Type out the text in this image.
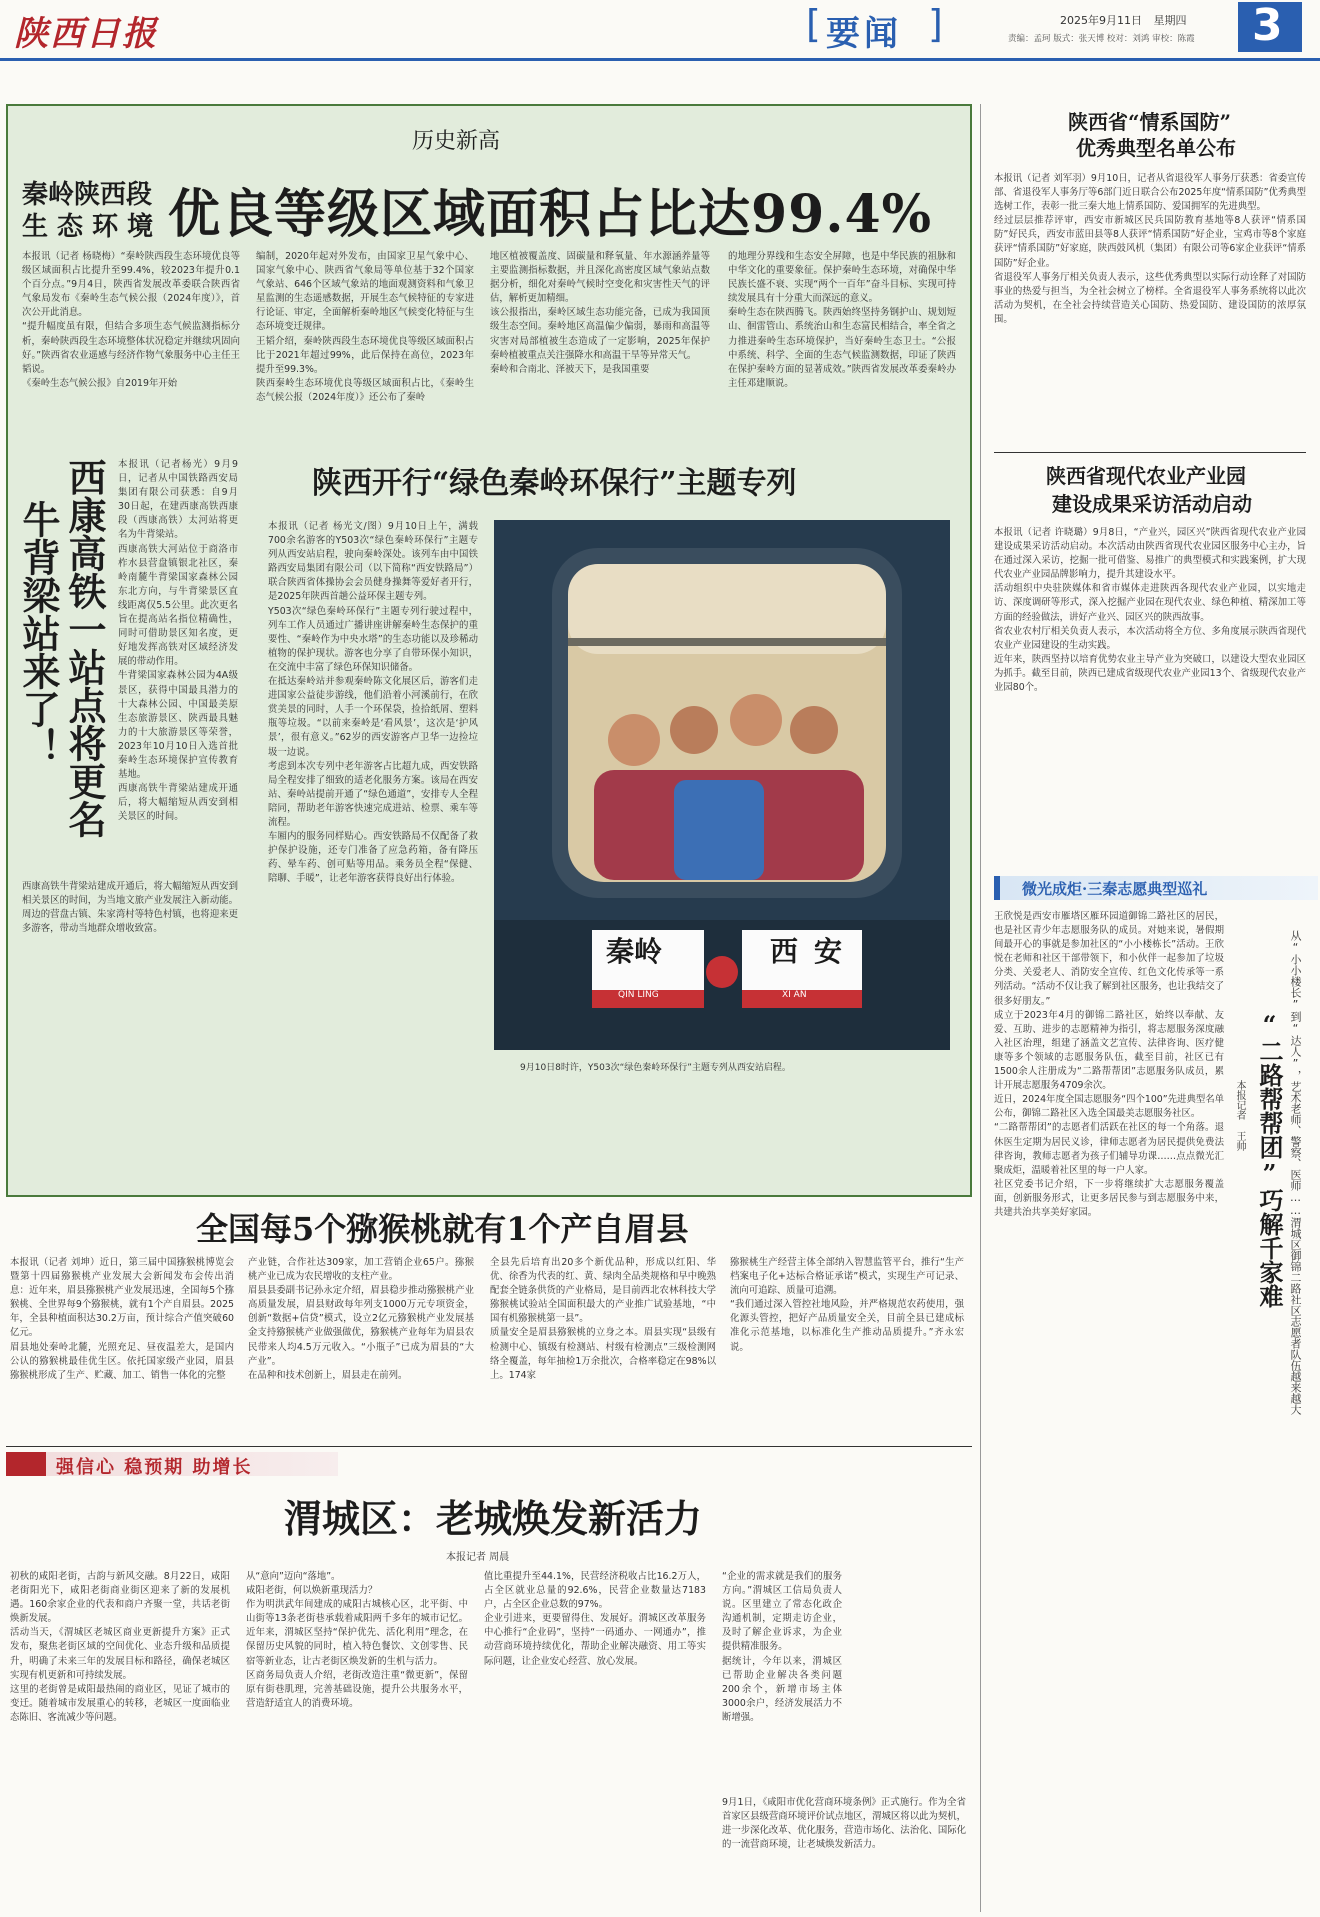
陕西日报	[ 要闻 ]	2025年9月11日 星期四
责编：孟珂 版式：张天博 校对：刘鸿 审校：陈霞 3
历史新高
秦岭陕西段
生 态 环 境 优良等级区域面积占比达99.4%
本报讯（记者 杨晓梅）“秦岭陕西段生态环境优良等级区域面积占比提升至99.4%，较2023年提升0.1个百分点。”9月4日，陕西省发展改革委联合陕西省气象局发布《秦岭生态气候公报（2024年度）》，首次公开此消息。
“提升幅度虽有限，但结合多项生态气候监测指标分析，秦岭陕西段生态环境整体状况稳定并继续巩固向好。”陕西省农业遥感与经济作物气象服务中心主任王韬说。
《秦岭生态气候公报》自2019年开始
编制，2020年起对外发布，由国家卫星气象中心、国家气象中心、陕西省气象局等单位基于32个国家气象站、646个区域气象站的地面观测资料和气象卫星监测的生态遥感数据，开展生态气候特征的专家进行论证、审定，全面解析秦岭地区气候变化特征与生态环境变迁规律。
王韬介绍，秦岭陕西段生态环境优良等级区域面积占比于2021年超过99%，此后保持在高位，2023年提升至99.3%。
陕西秦岭生态环境优良等级区域面积占比，《秦岭生态气候公报（2024年度）》还公布了秦岭
地区植被覆盖度、固碳量和释氧量、年水源涵养量等主要监测指标数据，并且深化高密度区域气象站点数据分析，细化对秦岭气候时空变化和灾害性天气的评估，解析更加精细。
该公报指出，秦岭区域生态功能完备，已成为我国顶级生态空间。秦岭地区高温偏少偏弱，暴雨和高温等灾害对局部植被生态造成了一定影响，2025年保护秦岭植被重点关注强降水和高温干旱等异常天气。
秦岭和合南北、泽被天下，是我国重要
的地理分界线和生态安全屏障，也是中华民族的祖脉和中华文化的重要象征。保护秦岭生态环境，对确保中华民族长盛不衰、实现“两个一百年”奋斗目标、实现可持续发展具有十分重大而深远的意义。
秦岭生态在陕西腾飞。陕西始终坚持务钢护山、规划短山、徊雷管山、系统治山和生态富民相结合，率全省之力推进秦岭生态环境保护，当好秦岭生态卫士。“公报中系统、科学、全面的生态气候监测数据，印证了陕西在保护秦岭方面的显著成效。”陕西省发展改革委秦岭办主任邓建顺说。
西康高铁一站点将更名
牛背梁站来了！
本报讯（记者杨光）9月9日，记者从中国铁路西安局集团有限公司获悉：自9月30日起，在建西康高铁西康段（西康高铁）太河站将更名为牛背梁站。
西康高铁大河站位于商洛市柞水县营盘镇银北社区，秦岭南麓牛背梁国家森林公园东北方向，与牛背梁景区直线距离仅5.5公里。此次更名旨在提高站名指位精确性，同时可借助景区知名度，更好地发挥高铁对区域经济发展的带动作用。
牛背梁国家森林公园为4A级景区，获得中国最具潜力的十大森林公园、中国最美原生态旅游景区、陕西最具魅力的十大旅游景区等荣誉，2023年10月10日入选首批秦岭生态环境保护宣传教育基地。
西康高铁牛背梁站建成开通后，将大幅缩短从西安到相关景区的时间。
西康高铁牛背梁站建成开通后，将大幅缩短从西安到相关景区的时间，为当地文旅产业发展注入新动能。周边的营盘古镇、朱家湾村等特色村镇，也将迎来更多游客，带动当地群众增收致富。
陕西开行“绿色秦岭环保行”主题专列
本报讯（记者 杨光文/图）9月10日上午，满载700余名游客的Y503次“绿色秦岭环保行”主题专列从西安站启程，驶向秦岭深处。该列车由中国铁路西安局集团有限公司（以下简称“西安铁路局”）联合陕西省体操协会会员健身操舞等爱好者开行，是2025年陕西首趟公益环保主题专列。
Y503次“绿色秦岭环保行”主题专列行驶过程中，列车工作人员通过广播讲座讲解秦岭生态保护的重要性、“秦岭作为中央水塔”的生态功能以及珍稀动植物的保护现状。游客也分享了自带环保小知识，在交流中丰富了绿色环保知识储备。
在抵达秦岭站并参观秦岭陈文化展区后，游客们走进国家公益徒步游线，他们沿着小河溪前行，在欣赏美景的同时，人手一个环保袋，捡拾纸屑、塑料瓶等垃圾。“以前来秦岭是‘看风景’，这次是‘护风景’，很有意义。”62岁的西安游客卢卫华一边捡垃圾一边说。
考虑到本次专列中老年游客占比超九成，西安铁路局全程安排了细致的适老化服务方案。该局在西安站、秦岭站提前开通了“绿色通道”，安排专人全程陪同，帮助老年游客快速完成进站、检票、乘车等流程。
车厢内的服务同样贴心。西安铁路局不仅配备了救护保护设施，还专门准备了应急药箱，备有降压药、晕车药、创可贴等用品。乘务员全程“保健、陪聊、手暖”，让老年游客获得良好出行体验。
秦岭
QIN LING
西安
XI AN
9月10日8时许，Y503次“绿色秦岭环保行”主题专列从西安站启程。
全国每5个猕猴桃就有1个产自眉县
本报讯（记者 刘坤）近日，第三届中国猕猴桃博览会暨第十四届猕猴桃产业发展大会新闻发布会传出消息：近年来，眉县猕猴桃产业发展迅速，全国每5个猕猴桃、全世界每9个猕猴桃，就有1个产自眉县。2025年，全县种植面积达30.2万亩，预计综合产值突破60亿元。
眉县地处秦岭北麓，光照充足、昼夜温差大，是国内公认的猕猴桃最佳优生区。依托国家级产业园，眉县猕猴桃形成了生产、贮藏、加工、销售一体化的完整
产业链，合作社达309家，加工营销企业65户。猕猴桃产业已成为农民增收的支柱产业。
眉县县委副书记孙永定介绍，眉县稳步推动猕猴桃产业高质量发展，眉县财政每年列支1000万元专项资金，创新“数据+信贷”模式，设立2亿元猕猴桃产业发展基金支持猕猴桃产业做强做优，猕猴桃产业每年为眉县农民带来人均4.5万元收入。“小瓶子”已成为眉县的“大产业”。
在品种和技术创新上，眉县走在前列。
全县先后培育出20多个新优品种，形成以红阳、华优、徐香为代表的红、黄、绿肉全品类规格和早中晚熟配套全链条供货的产业格局，是目前西北农林科技大学猕猴桃试验站全国面积最大的产业推广试验基地，“中国有机猕猴桃第一县”。
质量安全是眉县猕猴桃的立身之本。眉县实现“县级有检测中心、镇级有检测站、村级有检测点”三级检测网络全覆盖，每年抽检1万余批次，合格率稳定在98%以上。174家
猕猴桃生产经营主体全部纳入智慧监管平台，推行“生产档案电子化+达标合格证承诺”模式，实现生产可记录、流向可追踪、质量可追溯。
“我们通过深入管控社地风险，并严格规范农药使用，强化源头管控，把好产品质量安全关，目前全县已建成标准化示范基地，以标准化生产推动品质提升。”齐永宏说。
强信心 稳预期 助增长
渭城区：老城焕发新活力
本报记者 周晨
初秋的咸阳老街，古韵与新风交融。8月22日，咸阳老街阳光下，咸阳老街商业街区迎来了新的发展机遇。160余家企业的代表和商户齐聚一堂，共话老街焕新发展。
活动当天，《渭城区老城区商业更新提升方案》正式发布，聚焦老街区域的空间优化、业态升级和品质提升，明确了未来三年的发展目标和路径，确保老城区实现有机更新和可持续发展。
这里的老街曾是咸阳最热闹的商业区，见证了城市的变迁。随着城市发展重心的转移，老城区一度面临业态陈旧、客流减少等问题。
从“意向”迈向“落地”。
咸阳老街，何以焕新重现活力？
作为明洪武年间建成的咸阳古城核心区，北平街、中山街等13条老街巷承载着咸阳两千多年的城市记忆。近年来，渭城区坚持“保护优先、活化利用”理念，在保留历史风貌的同时，植入特色餐饮、文创零售、民宿等新业态，让古老街区焕发新的生机与活力。
区商务局负责人介绍，老街改造注重“微更新”，保留原有街巷肌理，完善基础设施，提升公共服务水平，营造舒适宜人的消费环境。
值比重提升至44.1%，民营经济税收占比16.2万人，占全区就业总量的92.6%，民营企业数量达7183户，占全区企业总数的97%。
企业引进来，更要留得住、发展好。渭城区改革服务中心推行“企业码”，坚持“一码通办、一网通办”，推动营商环境持续优化，帮助企业解决融资、用工等实际问题，让企业安心经营、放心发展。
“企业的需求就是我们的服务方向。”渭城区工信局负责人说。区里建立了常态化政企沟通机制，定期走访企业，及时了解企业诉求，为企业提供精准服务。
据统计，今年以来，渭城区已帮助企业解决各类问题200余个，新增市场主体3000余户，经济发展活力不断增强。
9月1日，《咸阳市优化营商环境条例》正式施行。作为全省首家区县级营商环境评价试点地区，渭城区将以此为契机，进一步深化改革、优化服务，营造市场化、法治化、国际化的一流营商环境，让老城焕发新活力。
陕西省“情系国防”
优秀典型名单公布
本报讯（记者 刘军羽）9月10日，记者从省退役军人事务厅获悉：省委宣传部、省退役军人事务厅等6部门近日联合公布2025年度“情系国防”优秀典型选树工作，表彰一批三秦大地上情系国防、爱国拥军的先进典型。
经过层层推荐评审，西安市新城区民兵国防教育基地等8人获评“情系国防”好民兵，西安市蓝田县等8人获评“情系国防”好企业，宝鸡市等8个家庭获评“情系国防”好家庭，陕西鼓风机（集团）有限公司等6家企业获评“情系国防”好企业。
省退役军人事务厅相关负责人表示，这些优秀典型以实际行动诠释了对国防事业的热爱与担当，为全社会树立了榜样。全省退役军人事务系统将以此次活动为契机，在全社会持续营造关心国防、热爱国防、建设国防的浓厚氛围。
陕西省现代农业产业园
建设成果采访活动启动
本报讯（记者 许晓璐）9月8日，“产业兴，园区兴”陕西省现代农业产业园建设成果采访活动启动。本次活动由陕西省现代农业园区服务中心主办，旨在通过深入采访，挖掘一批可借鉴、易推广的典型模式和实践案例，扩大现代农业产业园品牌影响力，提升其建设水平。
活动组织中央驻陕媒体和省市媒体走进陕西各现代农业产业园，以实地走访、深度调研等形式，深入挖掘产业园在现代农业、绿色种植、精深加工等方面的经验做法，讲好产业兴、园区兴的陕西故事。
省农业农村厅相关负责人表示，本次活动将全方位、多角度展示陕西省现代农业产业园建设的生动实践。
近年来，陕西坚持以培育优势农业主导产业为突破口，以建设大型农业园区为抓手。截至目前，陕西已建成省级现代农业产业园13个、省级现代农业产业园80个。
微光成炬·三秦志愿典型巡礼
王欣悦是西安市雁塔区雁环园道御锦二路社区的居民，也是社区青少年志愿服务队的成员。对她来说，暑假期间最开心的事就是参加社区的“小小楼栋长”活动。王欣悦在老师和社区干部带领下，和小伙伴一起参加了垃圾分类、关爱老人、消防安全宣传、红色文化传承等一系列活动。“活动不仅让我了解到社区服务，也让我结交了很多好朋友。”
成立于2023年4月的御锦二路社区，始终以奉献、友爱、互助、进步的志愿精神为指引，将志愿服务深度融入社区治理，组建了涵盖文艺宣传、法律咨询、医疗健康等多个领域的志愿服务队伍，截至目前，社区已有1500余人注册成为“二路帮帮团”志愿服务队成员，累计开展志愿服务4709余次。
近日，2024年度全国志愿服务“四个100”先进典型名单公布，御锦二路社区入选全国最美志愿服务社区。
“二路帮帮团”的志愿者们活跃在社区的每一个角落。退休医生定期为居民义诊，律师志愿者为居民提供免费法律咨询，教师志愿者为孩子们辅导功课……点点微光汇聚成炬，温暖着社区里的每一户人家。
社区党委书记介绍，下一步将继续扩大志愿服务覆盖面，创新服务形式，让更多居民参与到志愿服务中来，共建共治共享美好家园。	从“小小楼长”到“达人”，艺术老师、警察、医师……渭城区御锦二路社区志愿者队伍越来越大
“二路帮帮团”巧解千家难
本报记者 王帅
